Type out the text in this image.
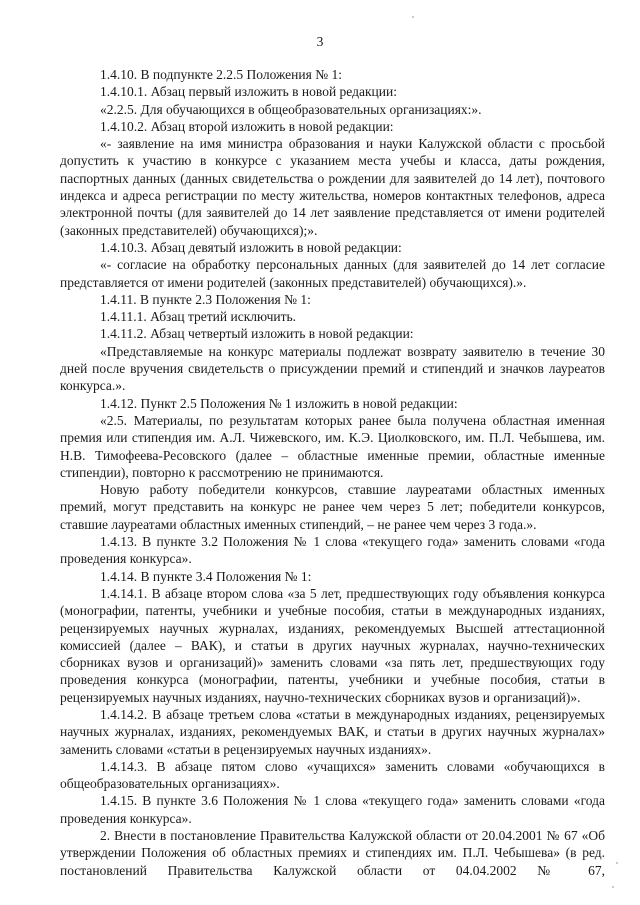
3

1.4.10. В подпункте 2.2.5 Положения № 1:

1.4.10.1. Абзац первый изложить в новой редакции:

«2.2.5. Для обучающихся в общеобразовательных организациях:».

1.4.10.2. Абзац второй изложить в новой редакции:

«- заявление на имя министра образования и науки Калужской области с просьбой допустить к участию в конкурсе с указанием места учебы и класса, даты рождения, паспортных данных (данных свидетельства о рождении для заявителей до 14 лет), почтового индекса и адреса регистрации по месту жительства, номеров контактных телефонов, адреса электронной почты (для заявителей до 14 лет заявление представляется от имени родителей (законных представителей) обучающихся);».

1.4.10.3. Абзац девятый изложить в новой редакции:

«- согласие на обработку персональных данных (для заявителей до 14 лет согласие представляется от имени родителей (законных представителей) обучающихся).».

1.4.11. В пункте 2.3 Положения № 1:

1.4.11.1. Абзац третий исключить.

1.4.11.2. Абзац четвертый изложить в новой редакции:

«Представляемые на конкурс материалы подлежат возврату заявителю в течение 30 дней после вручения свидетельств о присуждении премий и стипендий и значков лауреатов конкурса.».

1.4.12. Пункт 2.5 Положения № 1 изложить в новой редакции:

«2.5. Материалы, по результатам которых ранее была получена областная именная премия или стипендия им. А.Л. Чижевского, им. К.Э. Циолковского, им. П.Л. Чебышева, им. Н.В. Тимофеева-Ресовского (далее – областные именные премии, областные именные стипендии), повторно к рассмотрению не принимаются.

Новую работу победители конкурсов, ставшие лауреатами областных именных премий, могут представить на конкурс не ранее чем через 5 лет; победители конкурсов, ставшие лауреатами областных именных стипендий, – не ранее чем через 3 года.».

1.4.13. В пункте 3.2 Положения № 1 слова «текущего года» заменить словами «года проведения конкурса».

1.4.14. В пункте 3.4 Положения № 1:

1.4.14.1. В абзаце втором слова «за 5 лет, предшествующих году объявления конкурса (монографии, патенты, учебники и учебные пособия, статьи в международных изданиях, рецензируемых научных журналах, изданиях, рекомендуемых Высшей аттестационной комиссией (далее – ВАК), и статьи в других научных журналах, научно-технических сборниках вузов и организаций)» заменить словами «за пять лет, предшествующих году проведения конкурса (монографии, патенты, учебники и учебные пособия, статьи в рецензируемых научных изданиях, научно-технических сборниках вузов и организаций)».

1.4.14.2. В абзаце третьем слова «статьи в международных изданиях, рецензируемых научных журналах, изданиях, рекомендуемых ВАК, и статьи в других научных журналах» заменить словами «статьи в рецензируемых научных изданиях».

1.4.14.3. В абзаце пятом слово «учащихся» заменить словами «обучающихся в общеобразовательных организациях».

1.4.15. В пункте 3.6 Положения № 1 слова «текущего года» заменить словами «года проведения конкурса».

2. Внести в постановление Правительства Калужской области от 20.04.2001 № 67 «Об утверждении Положения об областных премиях и стипендиях им. П.Л. Чебышева» (в ред. постановлений Правительства Калужской области от 04.04.2002 № 67,
